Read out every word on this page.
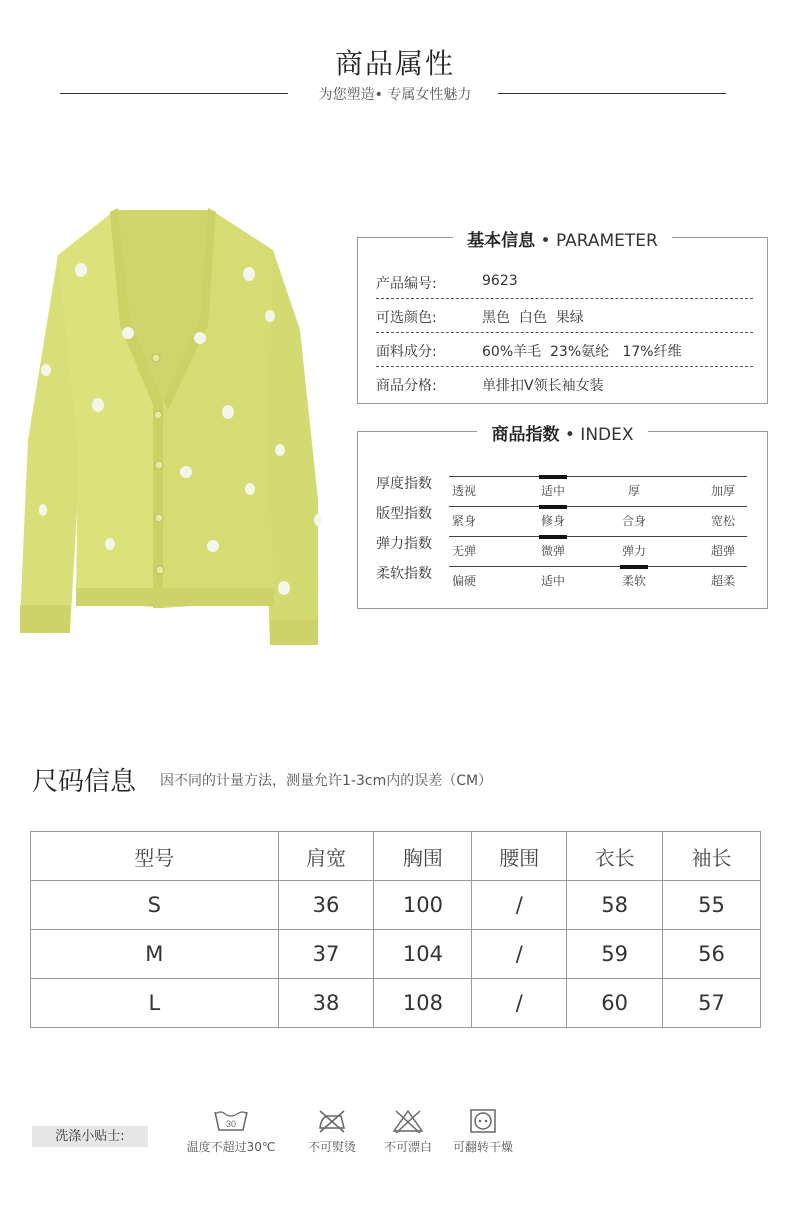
商品属性
为您塑造• 专属女性魅力
基本信息 • PARAMETER
产品编号:	9623
可选颜色:	黑色  白色  果绿
面料成分:	60%羊毛  23%氨纶   17%纤维
商品分格:	单排扣V领长袖女装
商品指数 • INDEX
厚度指数	透视	适中	厚	加厚
版型指数	紧身	修身	合身	宽松
弹力指数	无弹	微弹	弹力	超弹
柔软指数	偏硬	适中	柔软	超柔
尺码信息 因不同的计量方法，测量允许1-3cm内的误差（CM）
型号	肩宽	胸围	腰围	衣长	袖长
S	36	100	/	58	55
M	37	104	/	59	56
L	38	108	/	60	57
洗涤小贴士:
30
温度不超过30℃	不可熨烫	不可漂白	可翻转干燥
